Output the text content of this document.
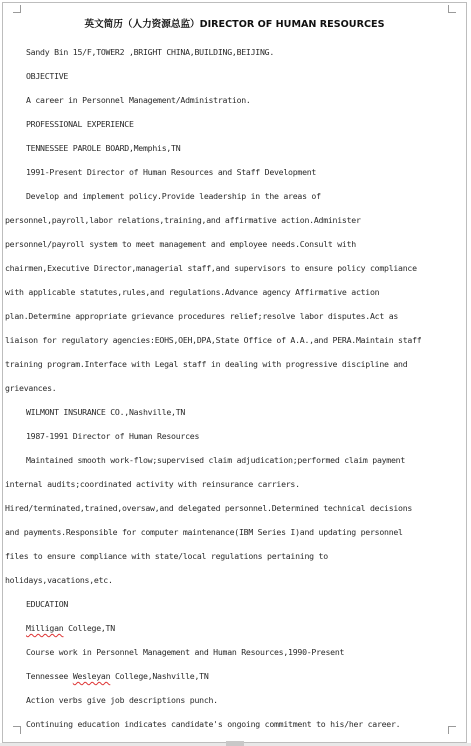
英文简历（人力资源总监）DIRECTOR OF HUMAN RESOURCES
Sandy Bin 15/F,TOWER2 ,BRIGHT CHINA,BUILDING,BEIJING.
OBJECTIVE
A career in Personnel Management/Administration.
PROFESSIONAL EXPERIENCE
TENNESSEE PAROLE BOARD,Memphis,TN
1991-Present Director of Human Resources and Staff Development
Develop and implement policy.Provide leadership in the areas of
personnel,payroll,labor relations,training,and affirmative action.Administer
personnel/payroll system to meet management and employee needs.Consult with
chairmen,Executive Director,managerial staff,and supervisors to ensure policy compliance
with applicable statutes,rules,and regulations.Advance agency Affirmative action
plan.Determine appropriate grievance procedures relief;resolve labor disputes.Act as
liaison for regulatory agencies:EOHS,OEH,DPA,State Office of A.A.,and PERA.Maintain staff
training program.Interface with Legal staff in dealing with progressive discipline and
grievances.
WILMONT INSURANCE CO.,Nashville,TN
1987-1991 Director of Human Resources
Maintained smooth work-flow;supervised claim adjudication;performed claim payment
internal audits;coordinated activity with reinsurance carriers.
Hired/terminated,trained,oversaw,and delegated personnel.Determined technical decisions
and payments.Responsible for computer maintenance(IBM Series I)and updating personnel
files to ensure compliance with state/local regulations pertaining to
holidays,vacations,etc.
EDUCATION
Milligan College,TN
Course work in Personnel Management and Human Resources,1990-Present
Tennessee Wesleyan College,Nashville,TN
Action verbs give job descriptions punch.
Continuing education indicates candidate's ongoing commitment to his/her career.
